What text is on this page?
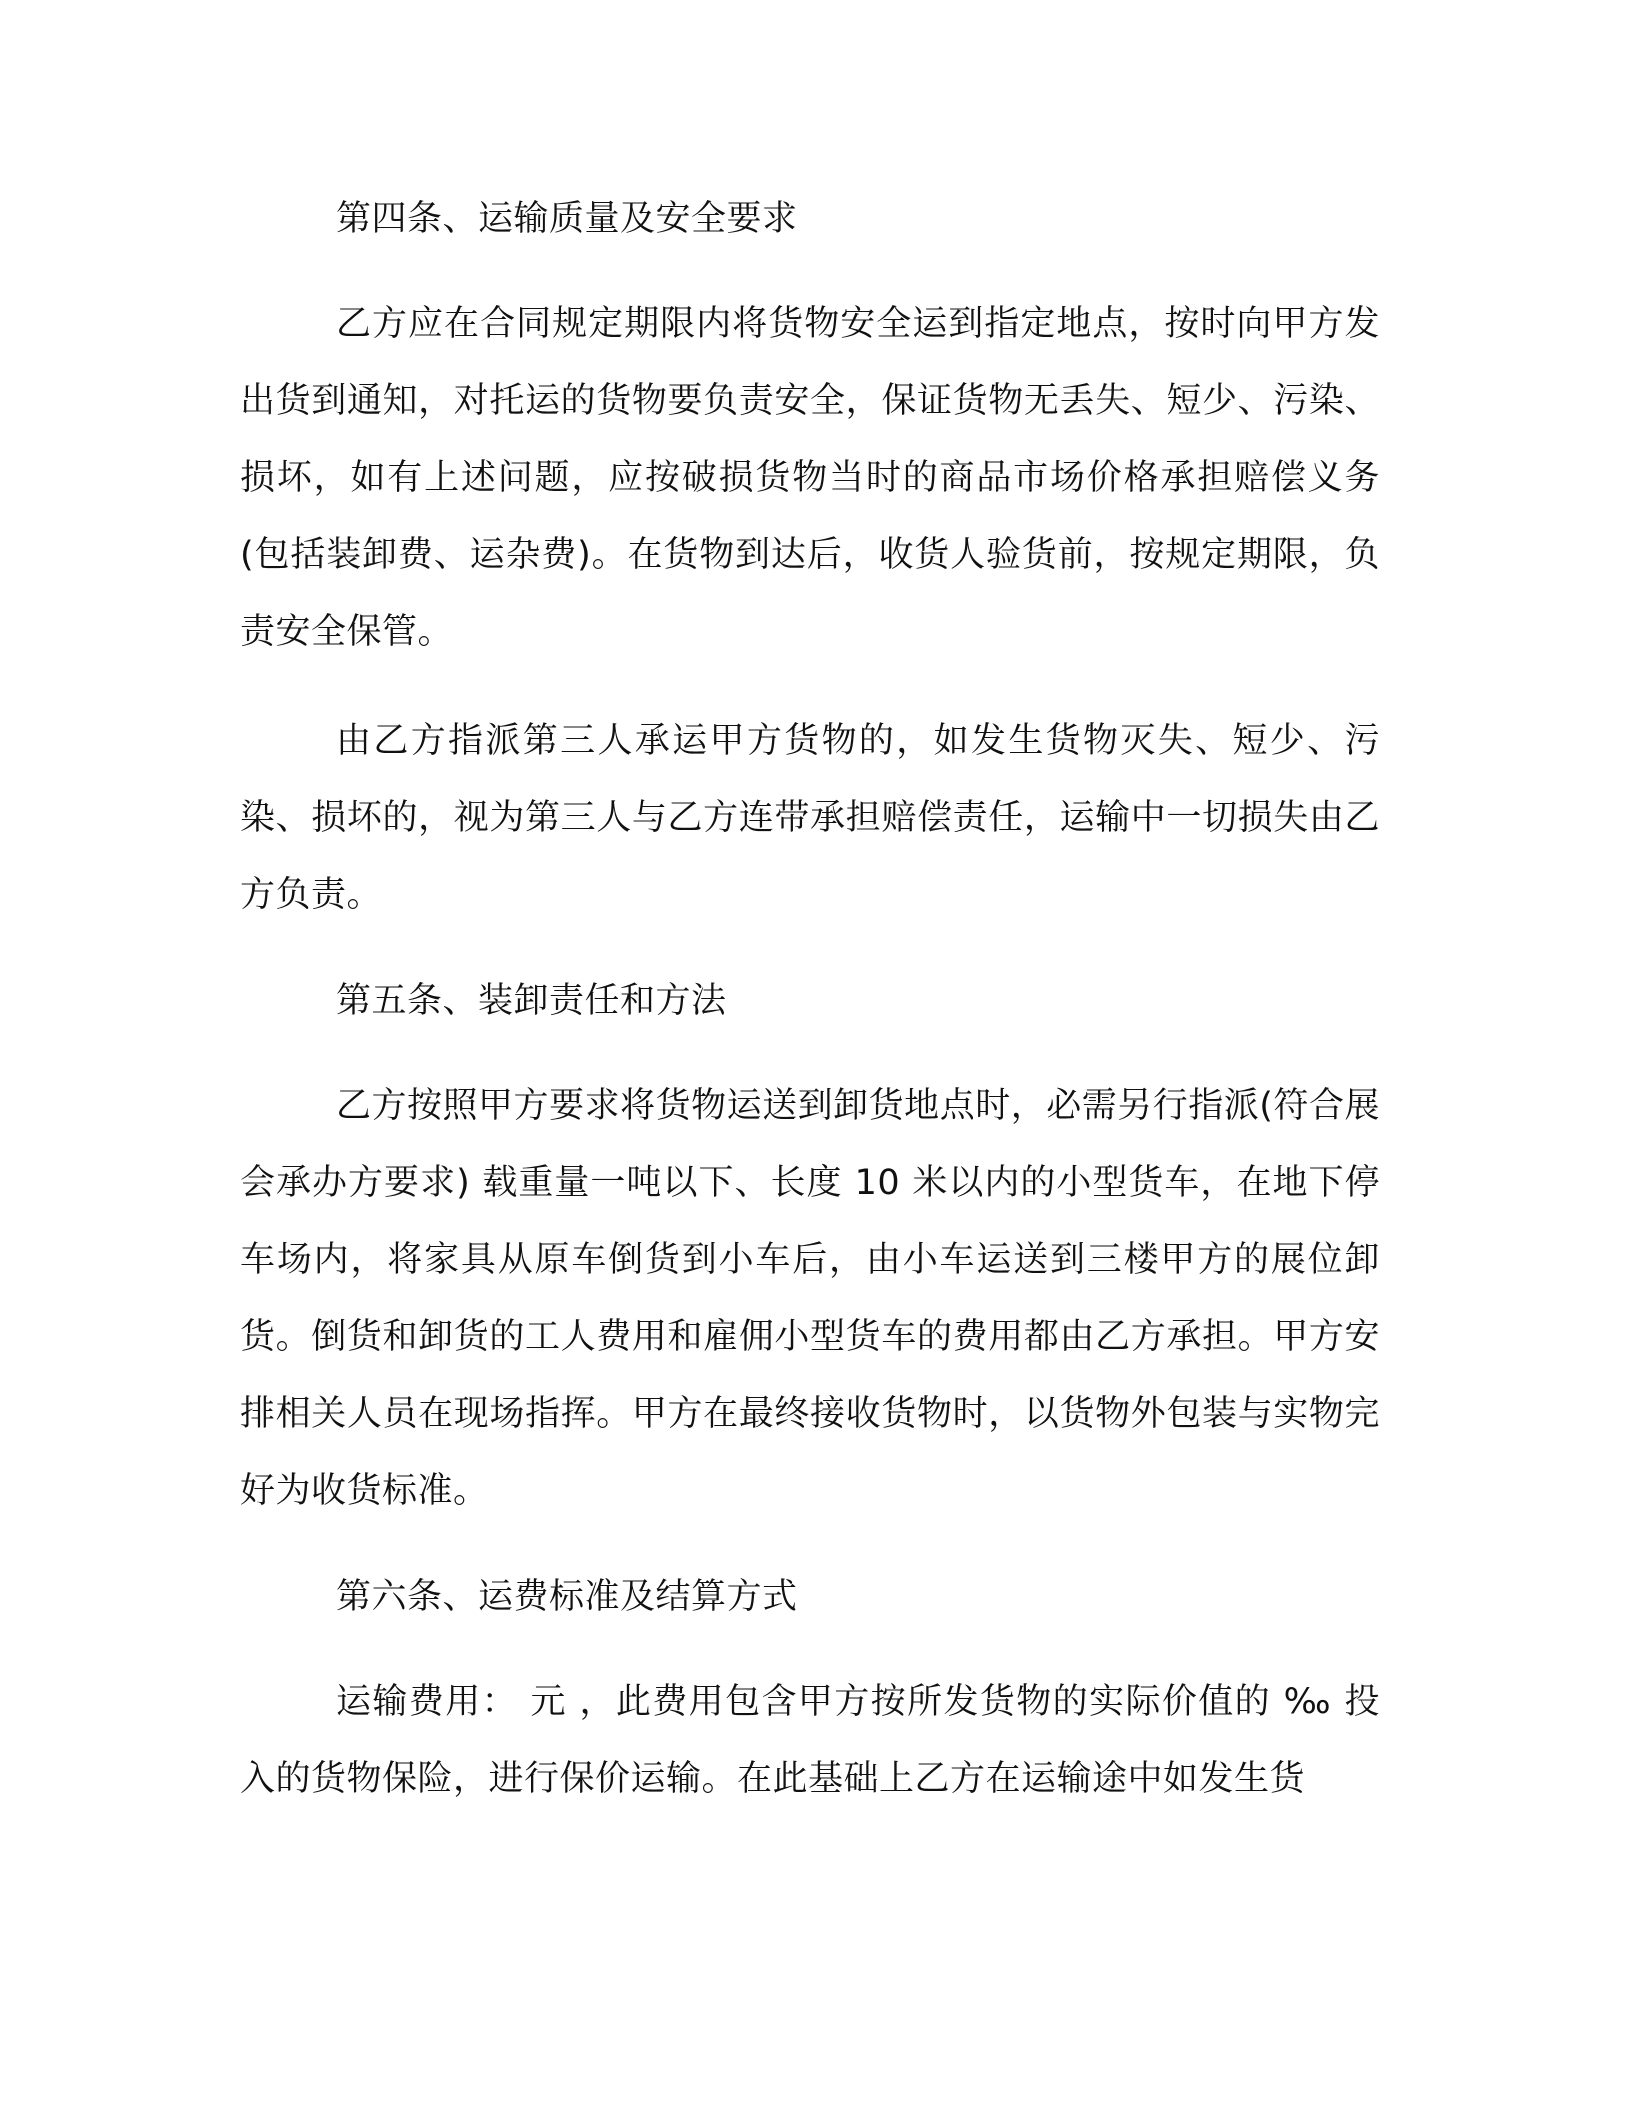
第四条、运输质量及安全要求

乙方应在合同规定期限内将货物安全运到指定地点，按时向甲方发出货到通知，对托运的货物要负责安全，保证货物无丢失、短少、污染、损坏，如有上述问题，应按破损货物当时的商品市场价格承担赔偿义务(包括装卸费、运杂费)。在货物到达后，收货人验货前，按规定期限，负责安全保管。

由乙方指派第三人承运甲方货物的，如发生货物灭失、短少、污染、损坏的，视为第三人与乙方连带承担赔偿责任，运输中一切损失由乙方负责。

第五条、装卸责任和方法

乙方按照甲方要求将货物运送到卸货地点时，必需另行指派(符合展会承办方要求) 载重量一吨以下、长度 10 米以内的小型货车，在地下停车场内，将家具从原车倒货到小车后，由小车运送到三楼甲方的展位卸货。倒货和卸货的工人费用和雇佣小型货车的费用都由乙方承担。甲方安排相关人员在现场指挥。甲方在最终接收货物时，以货物外包装与实物完好为收货标准。

第六条、运费标准及结算方式

运输费用： 元 ，此费用包含甲方按所发货物的实际价值的 ‰ 投入的货物保险，进行保价运输。在此基础上乙方在运输途中如发生货
